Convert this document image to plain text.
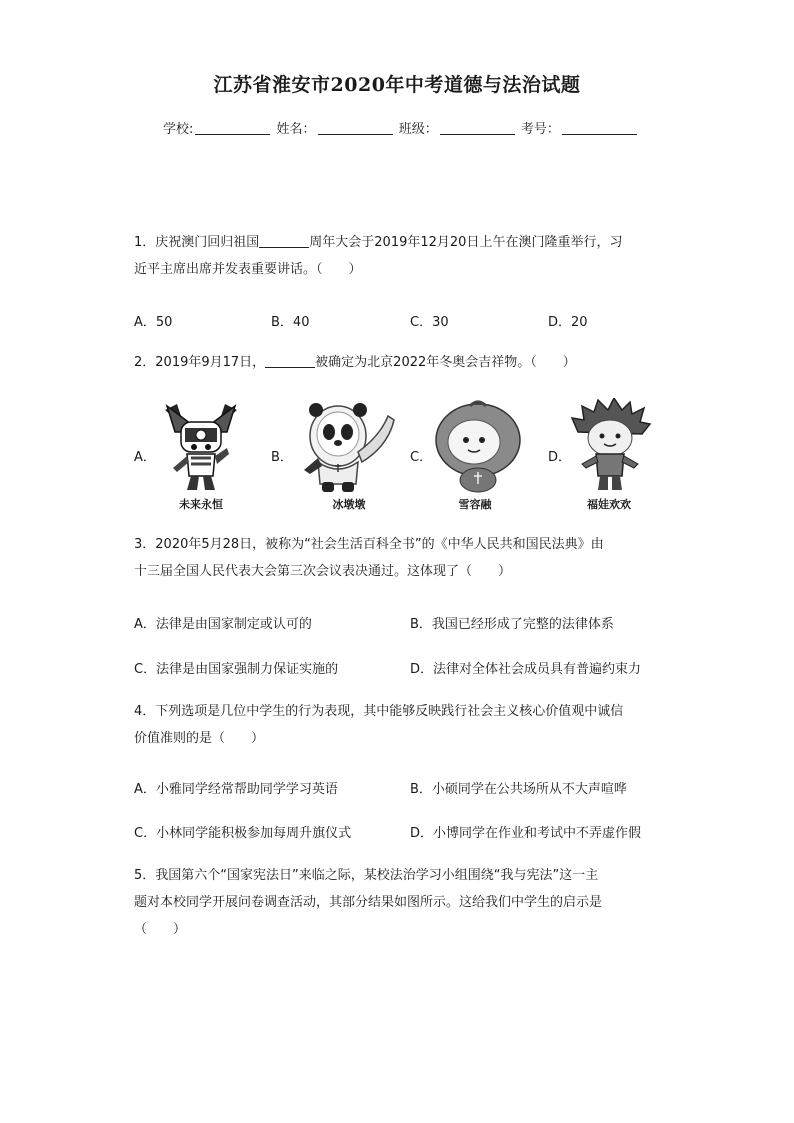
江苏省淮安市2020年中考道德与法治试题
学校:	姓名：	班级：	考号：
1．庆祝澳门回归祖国	周年大会于2019年12月20日上午在澳门隆重举行，习
近平主席出席并发表重要讲话。（　　）
A．50	B．40	C．30	D．20
2．2019年9月17日，	被确定为北京2022年冬奥会吉祥物。（　　）
A．	B．	C．	D．
未来永恒	冰墩墩	雪容融	福娃欢欢
3．2020年5月28日，被称为“社会生活百科全书”的《中华人民共和国民法典》由
十三届全国人民代表大会第三次会议表决通过。这体现了（　　）
A．法律是由国家制定或认可的	B．我国已经形成了完整的法律体系
C．法律是由国家强制力保证实施的	D．法律对全体社会成员具有普遍约束力
4．下列选项是几位中学生的行为表现，其中能够反映践行社会主义核心价值观中诚信
价值准则的是（　　）
A．小雅同学经常帮助同学学习英语	B．小硕同学在公共场所从不大声喧哗
C．小林同学能积极参加每周升旗仪式	D．小博同学在作业和考试中不弄虚作假
5．我国第六个“国家宪法日”来临之际，某校法治学习小组围绕“我与宪法”这一主
题对本校同学开展问卷调查活动，其部分结果如图所示。这给我们中学生的启示是
（　　）
